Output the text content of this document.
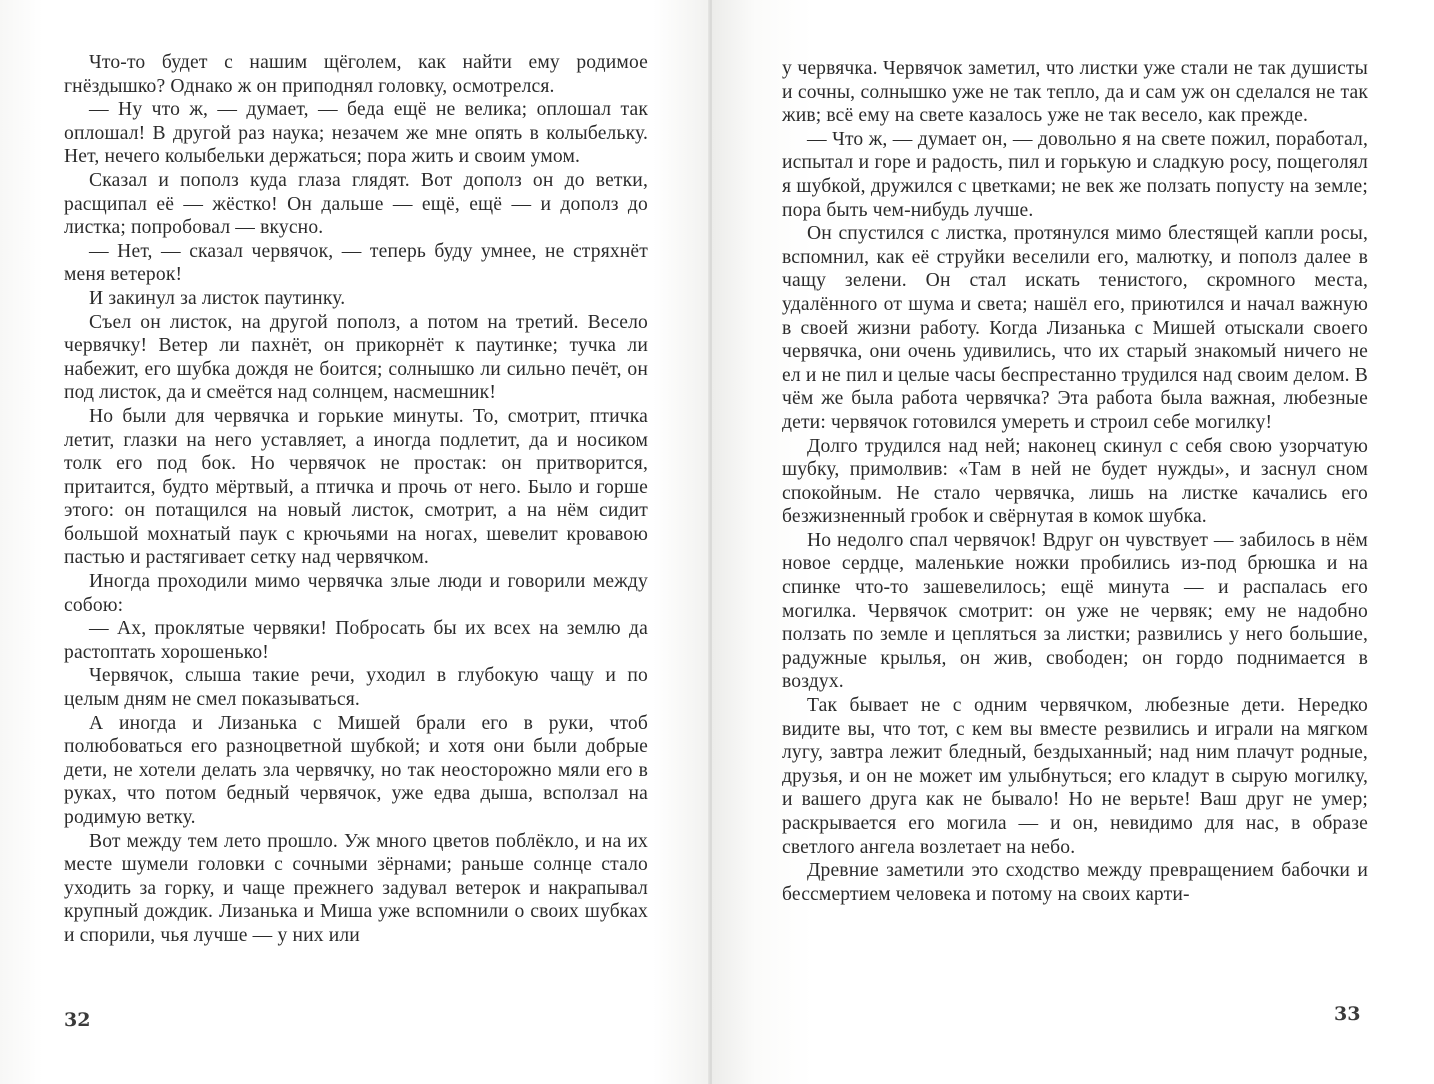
Что-то будет с нашим щёголем, как найти ему родимое гнёздышко? Однако ж он приподнял головку, осмотрелся.

— Ну что ж, — думает, — беда ещё не велика; оплошал так оплошал! В другой раз наука; незачем же мне опять в колыбельку. Нет, нечего колыбельки держаться; пора жить и своим умом.

Сказал и пополз куда глаза глядят. Вот дополз он до ветки, расщипал её — жёстко! Он дальше — ещё, ещё — и дополз до листка; попробовал — вкусно.

— Нет, — сказал червячок, — теперь буду умнее, не стряхнёт меня ветерок!

И закинул за листок паутинку.

Съел он листок, на другой пополз, а потом на третий. Весело червячку! Ветер ли пахнёт, он прикорнёт к паутинке; тучка ли набежит, его шубка дождя не боится; солнышко ли сильно печёт, он под листок, да и смеётся над солнцем, насмешник!

Но были для червячка и горькие минуты. То, смотрит, птичка летит, глазки на него уставляет, а иногда подлетит, да и носиком толк его под бок. Но червячок не простак: он притворится, притаится, будто мёртвый, а птичка и прочь от него. Было и горше этого: он потащился на новый листок, смотрит, а на нём сидит большой мохнатый паук с крючьями на ногах, шевелит кровавою пастью и растягивает сетку над червячком.

Иногда проходили мимо червячка злые люди и говорили между собою:

— Ах, проклятые червяки! Побросать бы их всех на землю да растоптать хорошенько!

Червячок, слыша такие речи, уходил в глубокую чащу и по целым дням не смел показываться.

А иногда и Лизанька с Мишей брали его в руки, чтоб полюбоваться его разноцветной шубкой; и хотя они были добрые дети, не хотели делать зла червячку, но так неосторожно мяли его в руках, что потом бедный червячок, уже едва дыша, всползал на родимую ветку.

Вот между тем лето прошло. Уж много цветов поблёкло, и на их месте шумели головки с сочными зёрнами; раньше солнце стало уходить за горку, и чаще прежнего задувал ветерок и накрапывал крупный дождик. Лизанька и Миша уже вспомнили о своих шубках и спорили, чья лучше — у них или

32

у червячка. Червячок заметил, что листки уже стали не так душисты и сочны, солнышко уже не так тепло, да и сам уж он сделался не так жив; всё ему на свете казалось уже не так весело, как прежде.

— Что ж, — думает он, — довольно я на свете пожил, поработал, испытал и горе и радость, пил и горькую и сладкую росу, пощеголял я шубкой, дружился с цветками; не век же ползать попусту на земле; пора быть чем-нибудь лучше.

Он спустился с листка, протянулся мимо блестящей капли росы, вспомнил, как её струйки веселили его, малютку, и пополз далее в чащу зелени. Он стал искать тенистого, скромного места, удалённого от шума и света; нашёл его, приютился и начал важную в своей жизни работу. Когда Лизанька с Мишей отыскали своего червячка, они очень удивились, что их старый знакомый ничего не ел и не пил и целые часы беспрестанно трудился над своим делом. В чём же была работа червячка? Эта работа была важная, любезные дети: червячок готовился умереть и строил себе могилку!

Долго трудился над ней; наконец скинул с себя свою узорчатую шубку, примолвив: «Там в ней не будет нужды», и заснул сном спокойным. Не стало червячка, лишь на листке качались его безжизненный гробок и свёрнутая в комок шубка.

Но недолго спал червячок! Вдруг он чувствует — забилось в нём новое сердце, маленькие ножки пробились из-под брюшка и на спинке что-то зашевелилось; ещё минута — и распалась его могилка. Червячок смотрит: он уже не червяк; ему не надобно ползать по земле и цепляться за листки; развились у него большие, радужные крылья, он жив, свободен; он гордо поднимается в воздух.

Так бывает не с одним червячком, любезные дети. Нередко видите вы, что тот, с кем вы вместе резвились и играли на мягком лугу, завтра лежит бледный, бездыханный; над ним плачут родные, друзья, и он не может им улыбнуться; его кладут в сырую могилку, и вашего друга как не бывало! Но не верьте! Ваш друг не умер; раскрывается его могила — и он, невидимо для нас, в образе светлого ангела возлетает на небо.

Древние заметили это сходство между превращением бабочки и бессмертием человека и потому на своих карти-

33
